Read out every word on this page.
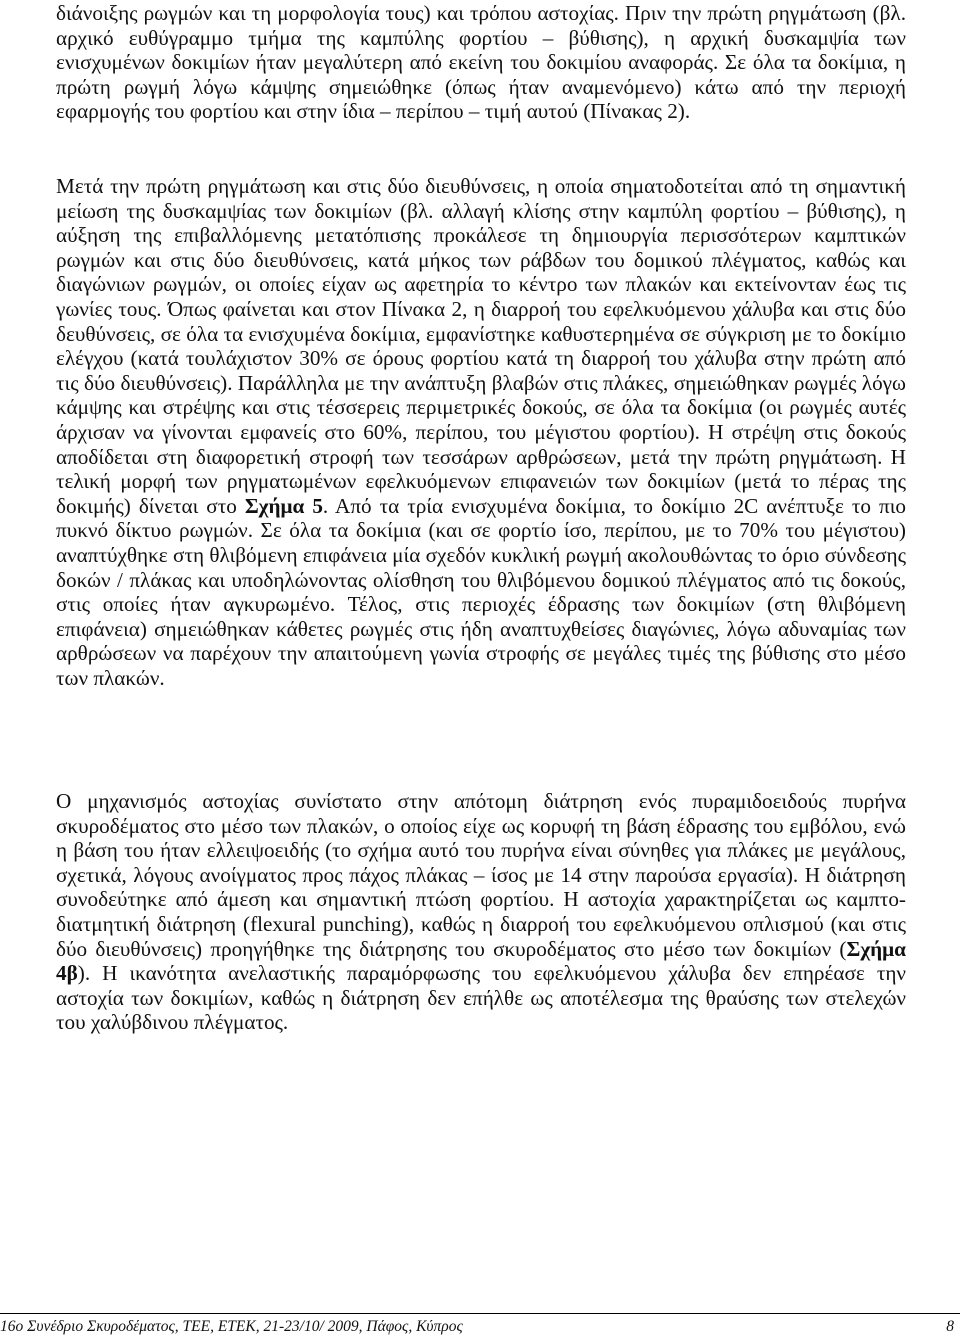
διάνοιξης ρωγμών και τη μορφολογία τους) και τρόπου αστοχίας. Πριν την πρώτη ρηγμάτωση (βλ. αρχικό ευθύγραμμο τμήμα της καμπύλης φορτίου – βύθισης), η αρχική δυσκαμψία των ενισχυμένων δοκιμίων ήταν μεγαλύτερη από εκείνη του δοκιμίου αναφοράς. Σε όλα τα δοκίμια, η πρώτη ρωγμή λόγω κάμψης σημειώθηκε (όπως ήταν αναμενόμενο) κάτω από την περιοχή εφαρμογής του φορτίου και στην ίδια – περίπου – τιμή αυτού (Πίνακας 2).

Μετά την πρώτη ρηγμάτωση και στις δύο διευθύνσεις, η οποία σηματοδοτείται από τη σημαντική μείωση της δυσκαμψίας των δοκιμίων (βλ. αλλαγή κλίσης στην καμπύλη φορτίου – βύθισης), η αύξηση της επιβαλλόμενης μετατόπισης προκάλεσε τη δημιουργία περισσότερων καμπτικών ρωγμών και στις δύο διευθύνσεις, κατά μήκος των ράβδων του δομικού πλέγματος, καθώς και διαγώνιων ρωγμών, οι οποίες είχαν ως αφετηρία το κέντρο των πλακών και εκτείνονταν έως τις γωνίες τους. Όπως φαίνεται και στον Πίνακα 2, η διαρροή του εφελκυόμενου χάλυβα και στις δύο δευθύνσεις, σε όλα τα ενισχυμένα δοκίμια, εμφανίστηκε καθυστερημένα σε σύγκριση με το δοκίμιο ελέγχου (κατά τουλάχιστον 30% σε όρους φορτίου κατά τη διαρροή του χάλυβα στην πρώτη από τις δύο διευθύνσεις). Παράλληλα με την ανάπτυξη βλαβών στις πλάκες, σημειώθηκαν ρωγμές λόγω κάμψης και στρέψης και στις τέσσερεις περιμετρικές δοκούς, σε όλα τα δοκίμια (οι ρωγμές αυτές άρχισαν να γίνονται εμφανείς στο 60%, περίπου, του μέγιστου φορτίου). Η στρέψη στις δοκούς αποδίδεται στη διαφορετική στροφή των τεσσάρων αρθρώσεων, μετά την πρώτη ρηγμάτωση. Η τελική μορφή των ρηγματωμένων εφελκυόμενων επιφανειών των δοκιμίων (μετά το πέρας της δοκιμής) δίνεται στο Σχήμα 5. Από τα τρία ενισχυμένα δοκίμια, το δοκίμιο 2C ανέπτυξε το πιο πυκνό δίκτυο ρωγμών. Σε όλα τα δοκίμια (και σε φορτίο ίσο, περίπου, με το 70% του μέγιστου) αναπτύχθηκε στη θλιβόμενη επιφάνεια μία σχεδόν κυκλική ρωγμή ακολουθώντας το όριο σύνδεσης δοκών / πλάκας και υποδηλώνοντας ολίσθηση του θλιβόμενου δομικού πλέγματος από τις δοκούς, στις οποίες ήταν αγκυρωμένο. Τέλος, στις περιοχές έδρασης των δοκιμίων (στη θλιβόμενη επιφάνεια) σημειώθηκαν κάθετες ρωγμές στις ήδη αναπτυχθείσες διαγώνιες, λόγω αδυναμίας των αρθρώσεων να παρέχουν την απαιτούμενη γωνία στροφής σε μεγάλες τιμές της βύθισης στο μέσο των πλακών.

Ο μηχανισμός αστοχίας συνίστατο στην απότομη διάτρηση ενός πυραμιδοειδούς πυρήνα σκυροδέματος στο μέσο των πλακών, ο οποίος είχε ως κορυφή τη βάση έδρασης του εμβόλου, ενώ η βάση του ήταν ελλειψοειδής (το σχήμα αυτό του πυρήνα είναι σύνηθες για πλάκες με μεγάλους, σχετικά, λόγους ανοίγματος προς πάχος πλάκας – ίσος με 14 στην παρούσα εργασία). Η διάτρηση συνοδεύτηκε από άμεση και σημαντική πτώση φορτίου. Η αστοχία χαρακτηρίζεται ως καμπτο-διατμητική διάτρηση (flexural punching), καθώς η διαρροή του εφελκυόμενου οπλισμού (και στις δύο διευθύνσεις) προηγήθηκε της διάτρησης του σκυροδέματος στο μέσο των δοκιμίων (Σχήμα 4β). Η ικανότητα ανελαστικής παραμόρφωσης του εφελκυόμενου χάλυβα δεν επηρέασε την αστοχία των δοκιμίων, καθώς η διάτρηση δεν επήλθε ως αποτέλεσμα της θραύσης των στελεχών του χαλύβδινου πλέγματος.

16ο Συνέδριο Σκυροδέματος, ΤΕΕ, ΕΤΕΚ, 21-23/10/ 2009, Πάφος, Κύπρος	8
